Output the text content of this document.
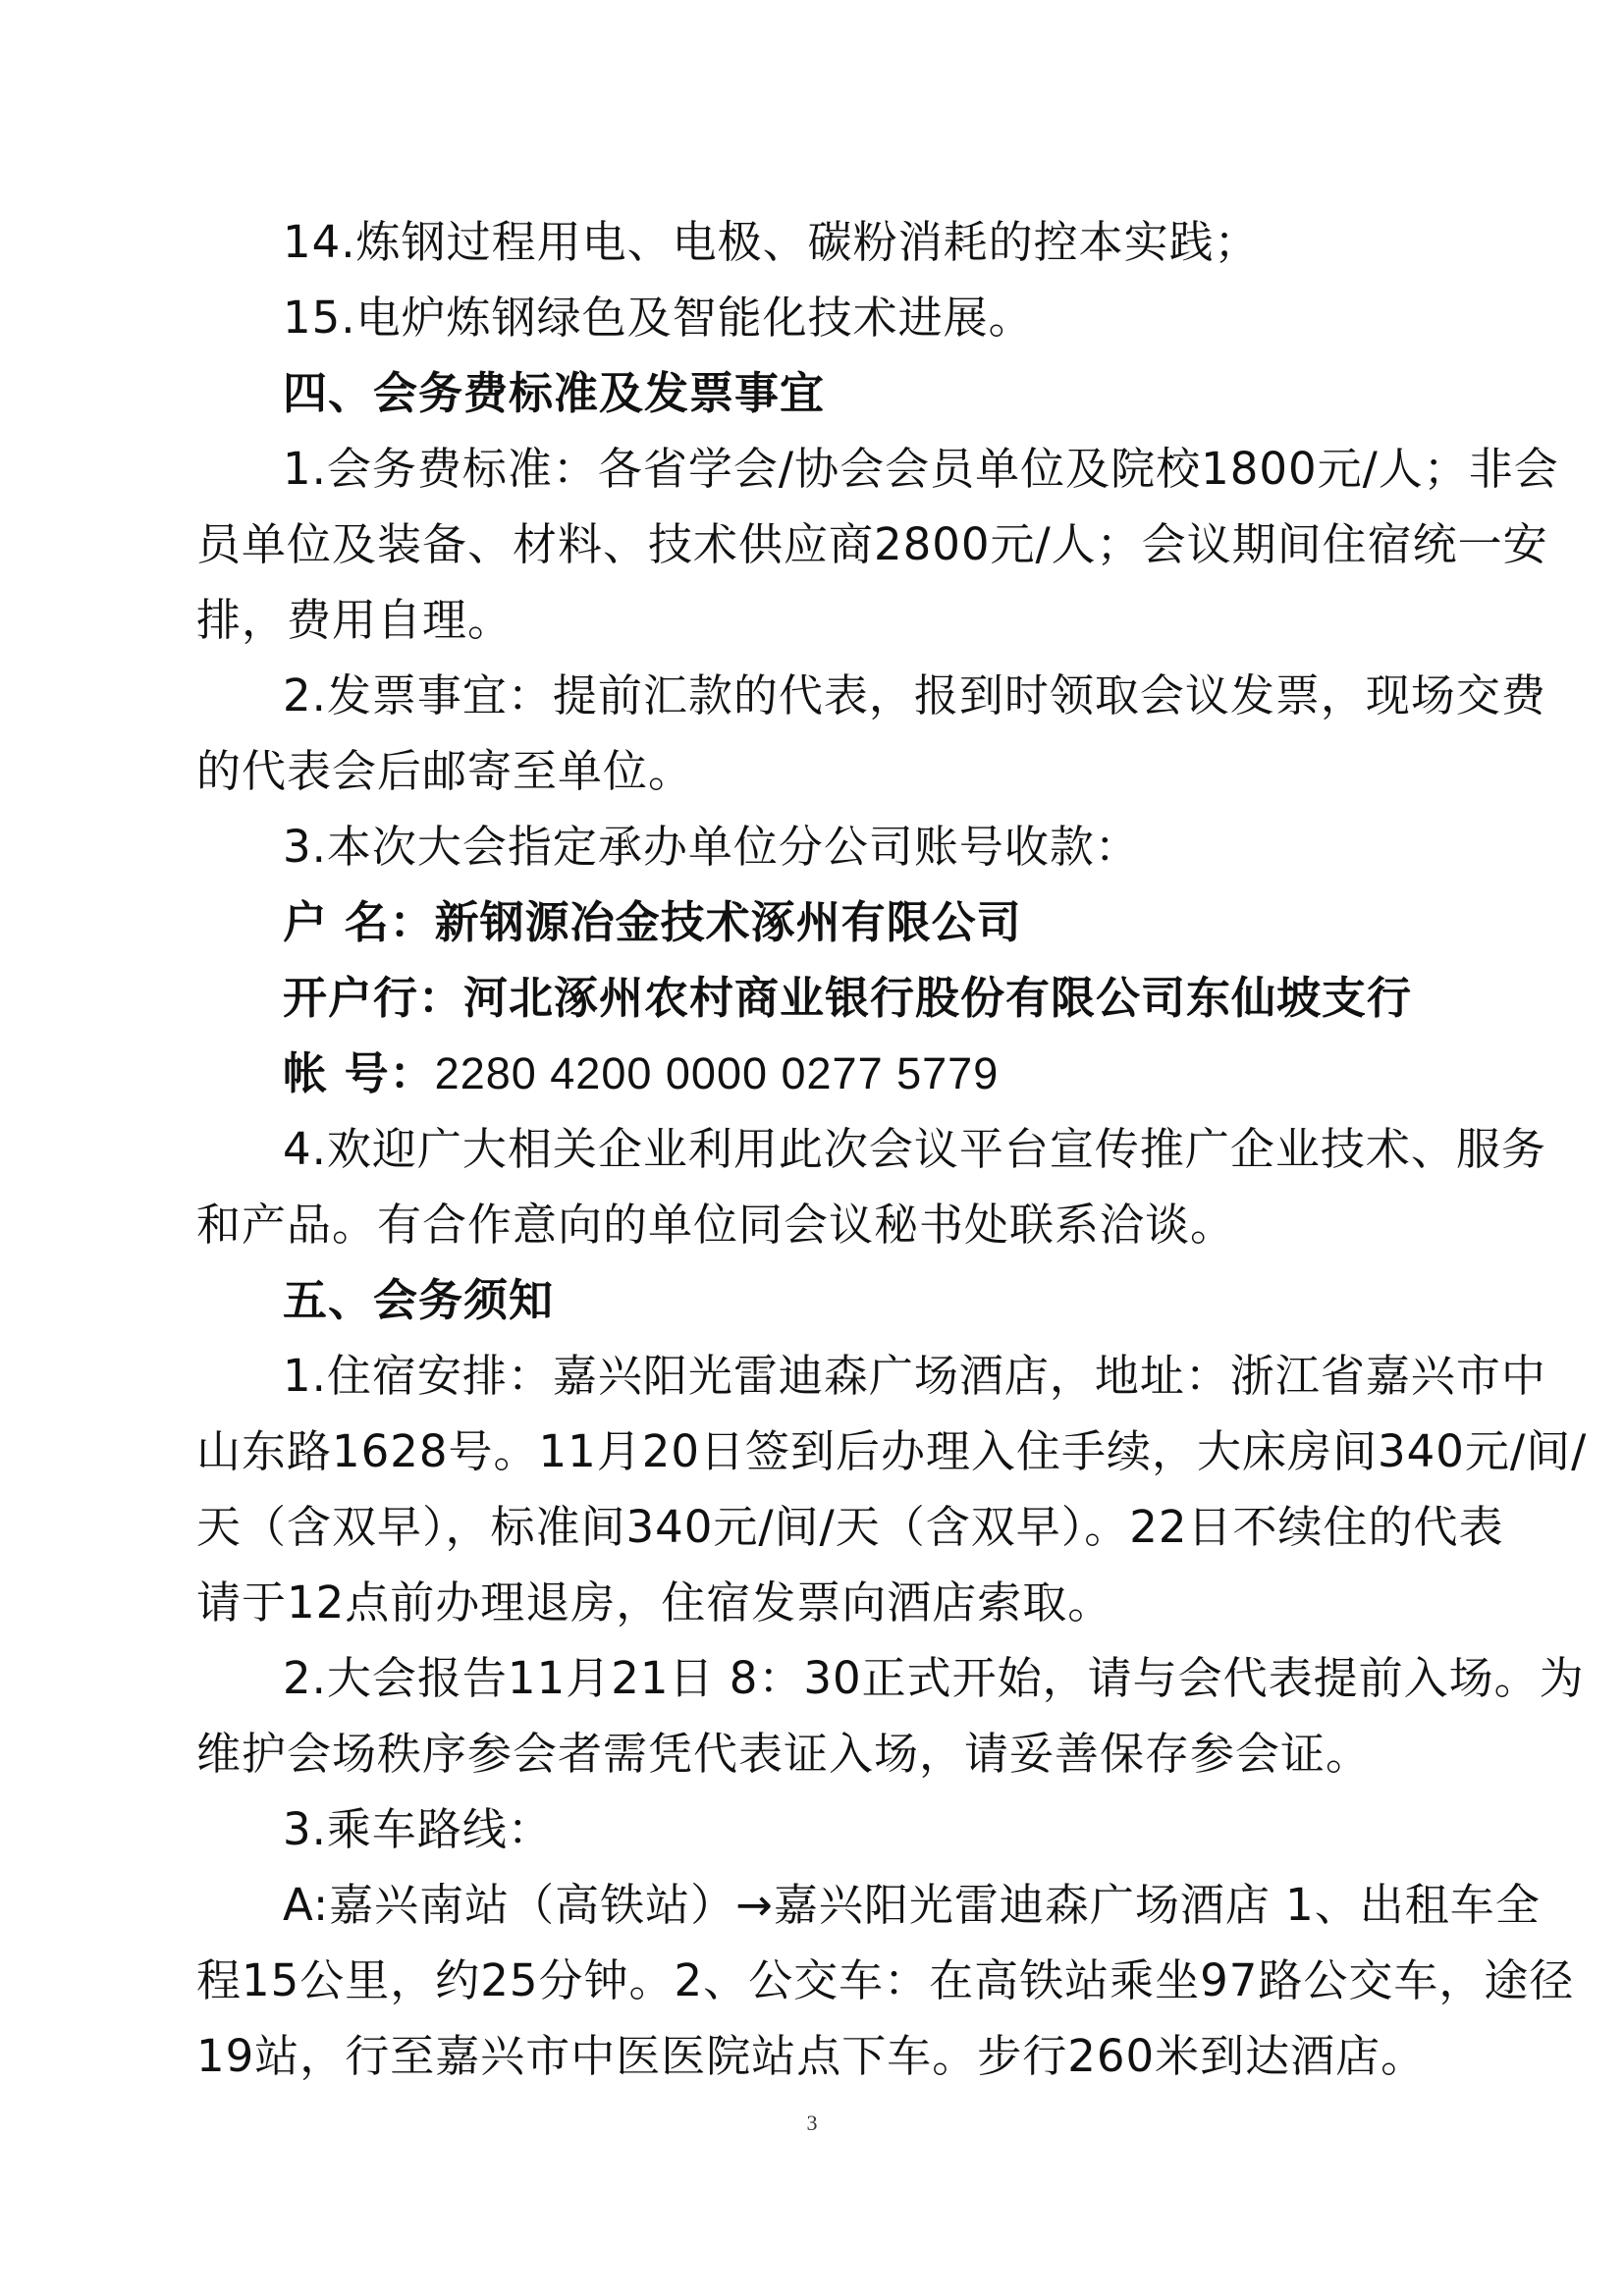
14.炼钢过程用电、电极、碳粉消耗的控本实践；
15.电炉炼钢绿色及智能化技术进展。
四、会务费标准及发票事宜
1.会务费标准：各省学会/协会会员单位及院校1800元/人；非会
员单位及装备、材料、技术供应商2800元/人；会议期间住宿统一安
排，费用自理。
2.发票事宜：提前汇款的代表，报到时领取会议发票，现场交费
的代表会后邮寄至单位。
3.本次大会指定承办单位分公司账号收款：
户 名：新钢源冶金技术涿州有限公司
开户行：河北涿州农村商业银行股份有限公司东仙坡支行
帐 号：2280 4200 0000 0277 5779
4.欢迎广大相关企业利用此次会议平台宣传推广企业技术、服务
和产品。有合作意向的单位同会议秘书处联系洽谈。
五、会务须知
1.住宿安排：嘉兴阳光雷迪森广场酒店，地址：浙江省嘉兴市中
山东路1628号。11月20日签到后办理入住手续，大床房间340元/间/
天（含双早），标准间340元/间/天（含双早）。22日不续住的代表
请于12点前办理退房，住宿发票向酒店索取。
2.大会报告11月21日 8：30正式开始，请与会代表提前入场。为
维护会场秩序参会者需凭代表证入场，请妥善保存参会证。
3.乘车路线：
A:嘉兴南站（高铁站）→嘉兴阳光雷迪森广场酒店 1、出租车全
程15公里，约25分钟。2、公交车：在高铁站乘坐97路公交车，途径
19站，行至嘉兴市中医医院站点下车。步行260米到达酒店。
3
